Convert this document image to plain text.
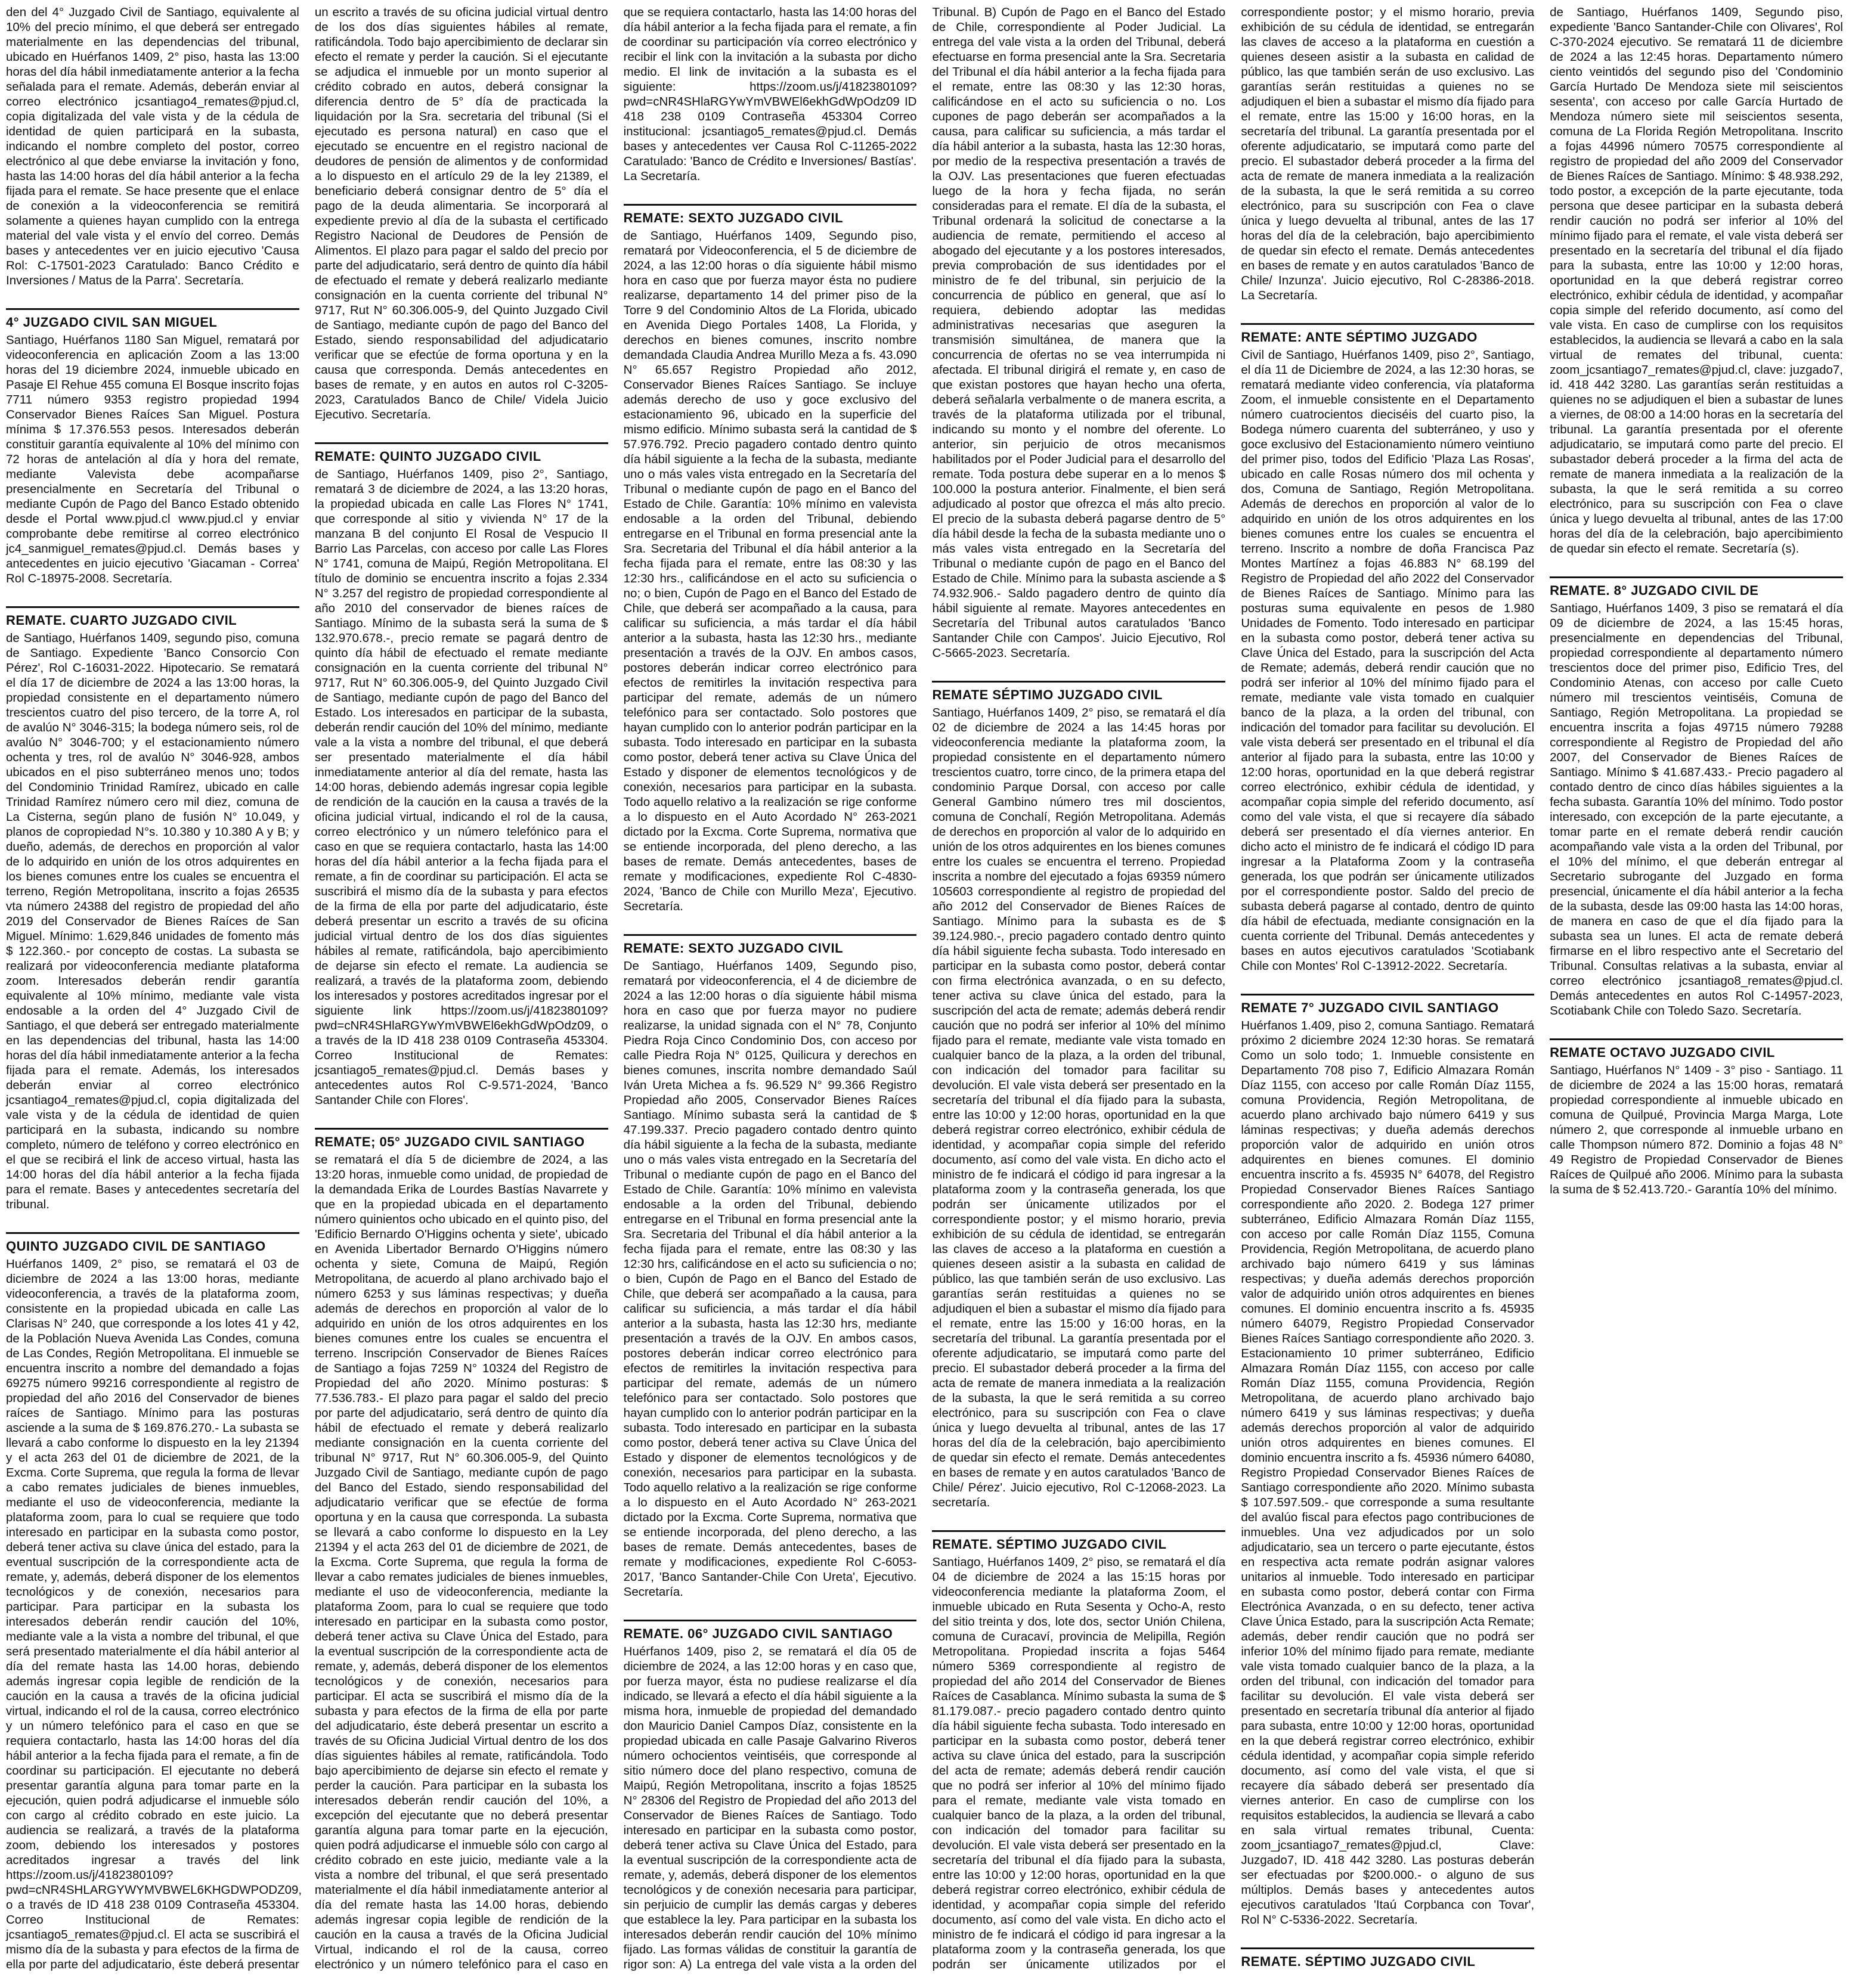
den del 4° Juzgado Civil de Santiago, equivalente al 10% del precio mínimo, el que deberá ser entregado materialmente en las dependencias del tribunal, ubicado en Huérfanos 1409, 2° piso, hasta las 13:00 horas del día hábil inmediatamente anterior a la fecha señalada para el remate. Además, deberán enviar al correo electrónico jcsantiago4_remates@pjud.cl, copia digitalizada del vale vista y de la cédula de identidad de quien participará en la subasta, indicando el nombre completo del postor, correo electrónico al que debe enviarse la invitación y fono, hasta las 14:00 horas del día hábil anterior a la fecha fijada para el remate. Se hace presente que el enlace de conexión a la videoconferencia se remitirá solamente a quienes hayan cumplido con la entrega material del vale vista y el envío del correo. Demás bases y antecedentes ver en juicio ejecutivo 'Causa Rol: C-17501-2023 Caratulado: Banco Crédito e Inversiones / Matus de la Parra'. Secretaría.

4° JUZGADO CIVIL SAN MIGUEL

Santiago, Huérfanos 1180 San Miguel, rematará por videoconferencia en aplicación Zoom a las 13:00 horas del 19 diciembre 2024, inmueble ubicado en Pasaje El Rehue 455 comuna El Bosque inscrito fojas 7711 número 9353 registro propiedad 1994 Conservador Bienes Raíces San Miguel. Postura mínima $ 17.376.553 pesos. Interesados deberán constituir garantía equivalente al 10% del mínimo con 72 horas de antelación al día y hora del remate, mediante Valevista debe acompañarse presencialmente en Secretaría del Tribunal o mediante Cupón de Pago del Banco Estado obtenido desde el Portal www.pjud.cl www.pjud.cl y enviar comprobante debe remitirse al correo electrónico jc4_sanmiguel_remates@pjud.cl. Demás bases y antecedentes en juicio ejecutivo 'Giacaman - Correa' Rol C-18975-2008. Secretaría.

REMATE. CUARTO JUZGADO CIVIL

de Santiago, Huérfanos 1409, segundo piso, comuna de Santiago. Expediente 'Banco Consorcio Con Pérez', Rol C-16031-2022. Hipotecario. Se rematará el día 17 de diciembre de 2024 a las 13:00 horas, la propiedad consistente en el departamento número trescientos cuatro del piso tercero, de la torre A, rol de avalúo N° 3046-315; la bodega número seis, rol de avalúo N° 3046-700; y el estacionamiento número ochenta y tres, rol de avalúo N° 3046-928, ambos ubicados en el piso subterráneo menos uno; todos del Condominio Trinidad Ramírez, ubicado en calle Trinidad Ramírez número cero mil diez, comuna de La Cisterna, según plano de fusión N° 10.049, y planos de copropiedad N°s. 10.380 y 10.380 A y B; y dueño, además, de derechos en proporción al valor de lo adquirido en unión de los otros adquirentes en los bienes comunes entre los cuales se encuentra el terreno, Región Metropolitana, inscrito a fojas 26535 vta número 24388 del registro de propiedad del año 2019 del Conservador de Bienes Raíces de San Miguel. Mínimo: 1.629,846 unidades de fomento más $ 122.360.- por concepto de costas. La subasta se realizará por videoconferencia mediante plataforma zoom. Interesados deberán rendir garantía equivalente al 10% mínimo, mediante vale vista endosable a la orden del 4° Juzgado Civil de Santiago, el que deberá ser entregado materialmente en las dependencias del tribunal, hasta las 14:00 horas del día hábil inmediatamente anterior a la fecha fijada para el remate. Además, los interesados deberán enviar al correo electrónico jcsantiago4_remates@pjud.cl, copia digitalizada del vale vista y de la cédula de identidad de quien participará en la subasta, indicando su nombre completo, número de teléfono y correo electrónico en el que se recibirá el link de acceso virtual, hasta las 14:00 horas del día hábil anterior a la fecha fijada para el remate. Bases y antecedentes secretaría del tribunal.

QUINTO JUZGADO CIVIL DE SANTIAGO

Huérfanos 1409, 2° piso, se rematará el 03 de diciembre de 2024 a las 13:00 horas, mediante videoconferencia, a través de la plataforma zoom, consistente en la propiedad ubicada en calle Las Clarisas N° 240, que corresponde a los lotes 41 y 42, de la Población Nueva Avenida Las Condes, comuna de Las Condes, Región Metropolitana. El inmueble se encuentra inscrito a nombre del demandado a fojas 69275 número 99216 correspondiente al registro de propiedad del año 2016 del Conservador de bienes raíces de Santiago. Mínimo para las posturas asciende a la suma de $ 169.876.270.- La subasta se llevará a cabo conforme lo dispuesto en la ley 21394 y el acta 263 del 01 de diciembre de 2021, de la Excma. Corte Suprema, que regula la forma de llevar a cabo remates judiciales de bienes inmuebles, mediante el uso de videoconferencia, mediante la plataforma zoom, para lo cual se requiere que todo interesado en participar en la subasta como postor, deberá tener activa su clave única del estado, para la eventual suscripción de la correspondiente acta de remate, y, además, deberá disponer de los elementos tecnológicos y de conexión, necesarios para participar. Para participar en la subasta los interesados deberán rendir caución del 10%, mediante vale a la vista a nombre del tribunal, el que será presentado materialmente el día hábil anterior al día del remate hasta las 14.00 horas, debiendo además ingresar copia legible de rendición de la caución en la causa a través de la oficina judicial virtual, indicando el rol de la causa, correo electrónico y un número telefónico para el caso en que se requiera contactarlo, hasta las 14:00 horas del día hábil anterior a la fecha fijada para el remate, a fin de coordinar su participación. El ejecutante no deberá presentar garantía alguna para tomar parte en la ejecución, quien podrá adjudicarse el inmueble sólo con cargo al crédito cobrado en este juicio. La audiencia se realizará, a través de la plataforma zoom, debiendo los interesados y postores acreditados ingresar a través del link https://zoom.us/j/4182380109?pwd=cNR4SHLARGYWYMVBWEL6KHGDWPODZ09, o a través de ID 418 238 0109 Contraseña 453304. Correo Institucional de Remates: jcsantiago5_remates@pjud.cl. El acta se suscribirá el mismo día de la subasta y para efectos de la firma de ella por parte del adjudicatario, éste deberá presentar un escrito a través de su oficina judicial virtual dentro de los dos días siguientes hábiles al remate, ratificándola. Todo bajo apercibimiento de declarar sin efecto el remate y perder la caución. Si el ejecutante se adjudica el inmueble por un monto superior al crédito cobrado en autos, deberá consignar la diferencia dentro de 5° día de practicada la liquidación por la Sra. secretaria del tribunal (Si el ejecutado es persona natural) en caso que el ejecutado se encuentre en el registro nacional de deudores de pensión de alimentos y de conformidad a lo dispuesto en el artículo 29 de la ley 21389, el beneficiario deberá consignar dentro de 5° día el pago de la deuda alimentaria. Se incorporará al expediente previo al día de la subasta el certificado Registro Nacional de Deudores de Pensión de Alimentos. El plazo para pagar el saldo del precio por parte del adjudicatario, será dentro de quinto día hábil de efectuado el remate y deberá realizarlo mediante consignación en la cuenta corriente del tribunal N° 9717, Rut N° 60.306.005-9, del Quinto Juzgado Civil de Santiago, mediante cupón de pago del Banco del Estado, siendo responsabilidad del adjudicatario verificar que se efectúe de forma oportuna y en la causa que corresponda. Demás antecedentes en bases de remate, y en autos en autos rol C-3205-2023, Caratulados Banco de Chile/ Videla Juicio Ejecutivo. Secretaría.

REMATE: QUINTO JUZGADO CIVIL

de Santiago, Huérfanos 1409, piso 2°, Santiago, rematará 3 de diciembre de 2024, a las 13:20 horas, la propiedad ubicada en calle Las Flores N° 1741, que corresponde al sitio y vivienda N° 17 de la manzana B del conjunto El Rosal de Vespucio II Barrio Las Parcelas, con acceso por calle Las Flores N° 1741, comuna de Maipú, Región Metropolitana. El título de dominio se encuentra inscrito a fojas 2.334 N° 3.257 del registro de propiedad correspondiente al año 2010 del conservador de bienes raíces de Santiago. Mínimo de la subasta será la suma de $ 132.970.678.-, precio remate se pagará dentro de quinto día hábil de efectuado el remate mediante consignación en la cuenta corriente del tribunal N° 9717, Rut N° 60.306.005-9, del Quinto Juzgado Civil de Santiago, mediante cupón de pago del Banco del Estado. Los interesados en participar de la subasta, deberán rendir caución del 10% del mínimo, mediante vale a la vista a nombre del tribunal, el que deberá ser presentado materialmente el día hábil inmediatamente anterior al día del remate, hasta las 14:00 horas, debiendo además ingresar copia legible de rendición de la caución en la causa a través de la oficina judicial virtual, indicando el rol de la causa, correo electrónico y un número telefónico para el caso en que se requiera contactarlo, hasta las 14:00 horas del día hábil anterior a la fecha fijada para el remate, a fin de coordinar su participación. El acta se suscribirá el mismo día de la subasta y para efectos de la firma de ella por parte del adjudicatario, éste deberá presentar un escrito a través de su oficina judicial virtual dentro de los dos días siguientes hábiles al remate, ratificándola, bajo apercibimiento de dejarse sin efecto el remate. La audiencia se realizará, a través de la plataforma zoom, debiendo los interesados y postores acreditados ingresar por el siguiente link https://zoom.us/j/4182380109?pwd=cNR4SHlaRGYwYmVBWEl6ekhGdWpOdz09, o a través de la ID 418 238 0109 Contraseña 453304. Correo Institucional de Remates: jcsantiago5_remates@pjud.cl. Demás bases y antecedentes autos Rol C-9.571-2024, 'Banco Santander Chile con Flores'.

REMATE; 05° JUZGADO CIVIL SANTIAGO

se rematará el día 5 de diciembre de 2024, a las 13:20 horas, inmueble como unidad, de propiedad de la demandada Erika de Lourdes Bastías Navarrete y que en la propiedad ubicada en el departamento número quinientos ocho ubicado en el quinto piso, del 'Edificio Bernardo O'Higgins ochenta y siete', ubicado en Avenida Libertador Bernardo O'Higgins número ochenta y siete, Comuna de Maipú, Región Metropolitana, de acuerdo al plano archivado bajo el número 6253 y sus láminas respectivas; y dueña además de derechos en proporción al valor de lo adquirido en unión de los otros adquirentes en los bienes comunes entre los cuales se encuentra el terreno. Inscripción Conservador de Bienes Raíces de Santiago a fojas 7259 N° 10324 del Registro de Propiedad del año 2020. Mínimo posturas: $ 77.536.783.- El plazo para pagar el saldo del precio por parte del adjudicatario, será dentro de quinto día hábil de efectuado el remate y deberá realizarlo mediante consignación en la cuenta corriente del tribunal N° 9717, Rut N° 60.306.005-9, del Quinto Juzgado Civil de Santiago, mediante cupón de pago del Banco del Estado, siendo responsabilidad del adjudicatario verificar que se efectúe de forma oportuna y en la causa que corresponda. La subasta se llevará a cabo conforme lo dispuesto en la Ley 21394 y el acta 263 del 01 de diciembre de 2021, de la Excma. Corte Suprema, que regula la forma de llevar a cabo remates judiciales de bienes inmuebles, mediante el uso de videoconferencia, mediante la plataforma Zoom, para lo cual se requiere que todo interesado en participar en la subasta como postor, deberá tener activa su Clave Única del Estado, para la eventual suscripción de la correspondiente acta de remate, y, además, deberá disponer de los elementos tecnológicos y de conexión, necesarios para participar. El acta se suscribirá el mismo día de la subasta y para efectos de la firma de ella por parte del adjudicatario, éste deberá presentar un escrito a través de su Oficina Judicial Virtual dentro de los dos días siguientes hábiles al remate, ratificándola. Todo bajo apercibimiento de dejarse sin efecto el remate y perder la caución. Para participar en la subasta los interesados deberán rendir caución del 10%, a excepción del ejecutante que no deberá presentar garantía alguna para tomar parte en la ejecución, quien podrá adjudicarse el inmueble sólo con cargo al crédito cobrado en este juicio, mediante vale a la vista a nombre del tribunal, el que será presentado materialmente el día hábil inmediatamente anterior al día del remate hasta las 14.00 horas, debiendo además ingresar copia legible de rendición de la caución en la causa a través de la Oficina Judicial Virtual, indicando el rol de la causa, correo electrónico y un número telefónico para el caso en que se requiera contactarlo, hasta las 14:00 horas del día hábil anterior a la fecha fijada para el remate, a fin de coordinar su participación vía correo electrónico y recibir el link con la invitación a la subasta por dicho medio. El link de invitación a la subasta es el siguiente: https://zoom.us/j/4182380109?pwd=cNR4SHlaRGYwYmVBWEl6ekhGdWpOdz09 ID 418 238 0109 Contraseña 453304 Correo institucional: jcsantiago5_remates@pjud.cl. Demás bases y antecedentes ver Causa Rol C-11265-2022 Caratulado: 'Banco de Crédito e Inversiones/ Bastías'. La Secretaría.

REMATE: SEXTO JUZGADO CIVIL

de Santiago, Huérfanos 1409, Segundo piso, rematará por Videoconferencia, el 5 de diciembre de 2024, a las 12:00 horas o día siguiente hábil mismo hora en caso que por fuerza mayor ésta no pudiere realizarse, departamento 14 del primer piso de la Torre 9 del Condominio Altos de La Florida, ubicado en Avenida Diego Portales 1408, La Florida, y derechos en bienes comunes, inscrito nombre demandada Claudia Andrea Murillo Meza a fs. 43.090 N° 65.657 Registro Propiedad año 2012, Conservador Bienes Raíces Santiago. Se incluye además derecho de uso y goce exclusivo del estacionamiento 96, ubicado en la superficie del mismo edificio. Mínimo subasta será la cantidad de $ 57.976.792. Precio pagadero contado dentro quinto día hábil siguiente a la fecha de la subasta, mediante uno o más vales vista entregado en la Secretaría del Tribunal o mediante cupón de pago en el Banco del Estado de Chile. Garantía: 10% mínimo en valevista endosable a la orden del Tribunal, debiendo entregarse en el Tribunal en forma presencial ante la Sra. Secretaria del Tribunal el día hábil anterior a la fecha fijada para el remate, entre las 08:30 y las 12:30 hrs., calificándose en el acto su suficiencia o no; o bien, Cupón de Pago en el Banco del Estado de Chile, que deberá ser acompañado a la causa, para calificar su suficiencia, a más tardar el día hábil anterior a la subasta, hasta las 12:30 hrs., mediante presentación a través de la OJV. En ambos casos, postores deberán indicar correo electrónico para efectos de remitirles la invitación respectiva para participar del remate, además de un número telefónico para ser contactado. Solo postores que hayan cumplido con lo anterior podrán participar en la subasta. Todo interesado en participar en la subasta como postor, deberá tener activa su Clave Única del Estado y disponer de elementos tecnológicos y de conexión, necesarios para participar en la subasta. Todo aquello relativo a la realización se rige conforme a lo dispuesto en el Auto Acordado N° 263-2021 dictado por la Excma. Corte Suprema, normativa que se entiende incorporada, del pleno derecho, a las bases de remate. Demás antecedentes, bases de remate y modificaciones, expediente Rol C-4830-2024, 'Banco de Chile con Murillo Meza', Ejecutivo. Secretaría.

REMATE: SEXTO JUZGADO CIVIL

De Santiago, Huérfanos 1409, Segundo piso, rematará por videoconferencia, el 4 de diciembre de 2024 a las 12:00 horas o día siguiente hábil misma hora en caso que por fuerza mayor no pudiere realizarse, la unidad signada con el N° 78, Conjunto Piedra Roja Cinco Condominio Dos, con acceso por calle Piedra Roja N° 0125, Quilicura y derechos en bienes comunes, inscrita nombre demandado Saúl Iván Ureta Michea a fs. 96.529 N° 99.366 Registro Propiedad año 2005, Conservador Bienes Raíces Santiago. Mínimo subasta será la cantidad de $ 47.199.337. Precio pagadero contado dentro quinto día hábil siguiente a la fecha de la subasta, mediante uno o más vales vista entregado en la Secretaría del Tribunal o mediante cupón de pago en el Banco del Estado de Chile. Garantía: 10% mínimo en valevista endosable a la orden del Tribunal, debiendo entregarse en el Tribunal en forma presencial ante la Sra. Secretaria del Tribunal el día hábil anterior a la fecha fijada para el remate, entre las 08:30 y las 12:30 hrs, calificándose en el acto su suficiencia o no; o bien, Cupón de Pago en el Banco del Estado de Chile, que deberá ser acompañado a la causa, para calificar su suficiencia, a más tardar el día hábil anterior a la subasta, hasta las 12:30 hrs, mediante presentación a través de la OJV. En ambos casos, postores deberán indicar correo electrónico para efectos de remitirles la invitación respectiva para participar del remate, además de un número telefónico para ser contactado. Solo postores que hayan cumplido con lo anterior podrán participar en la subasta. Todo interesado en participar en la subasta como postor, deberá tener activa su Clave Única del Estado y disponer de elementos tecnológicos y de conexión, necesarios para participar en la subasta. Todo aquello relativo a la realización se rige conforme a lo dispuesto en el Auto Acordado N° 263-2021 dictado por la Excma. Corte Suprema, normativa que se entiende incorporada, del pleno derecho, a las bases de remate. Demás antecedentes, bases de remate y modificaciones, expediente Rol C-6053-2017, 'Banco Santander-Chile Con Ureta', Ejecutivo. Secretaría.

REMATE. 06° JUZGADO CIVIL SANTIAGO

Huérfanos 1409, piso 2, se rematará el día 05 de diciembre de 2024, a las 12:00 horas y en caso que, por fuerza mayor, ésta no pudiese realizarse el día indicado, se llevará a efecto el día hábil siguiente a la misma hora, inmueble de propiedad del demandado don Mauricio Daniel Campos Díaz, consistente en la propiedad ubicada en calle Pasaje Galvarino Riveros número ochocientos veintiséis, que corresponde al sitio número doce del plano respectivo, comuna de Maipú, Región Metropolitana, inscrito a fojas 18525 N° 28306 del Registro de Propiedad del año 2013 del Conservador de Bienes Raíces de Santiago. Todo interesado en participar en la subasta como postor, deberá tener activa su Clave Única del Estado, para la eventual suscripción de la correspondiente acta de remate, y, además, deberá disponer de los elementos tecnológicos y de conexión necesaria para participar, sin perjuicio de cumplir las demás cargas y deberes que establece la ley. Para participar en la subasta los interesados deberán rendir caución del 10% mínimo fijado. Las formas válidas de constituir la garantía de rigor son: A) La entrega del vale vista a la orden del Tribunal. B) Cupón de Pago en el Banco del Estado de Chile, correspondiente al Poder Judicial. La entrega del vale vista a la orden del Tribunal, deberá efectuarse en forma presencial ante la Sra. Secretaria del Tribunal el día hábil anterior a la fecha fijada para el remate, entre las 08:30 y las 12:30 horas, calificándose en el acto su suficiencia o no. Los cupones de pago deberán ser acompañados a la causa, para calificar su suficiencia, a más tardar el día hábil anterior a la subasta, hasta las 12:30 horas, por medio de la respectiva presentación a través de la OJV. Las presentaciones que fueren efectuadas luego de la hora y fecha fijada, no serán consideradas para el remate. El día de la subasta, el Tribunal ordenará la solicitud de conectarse a la audiencia de remate, permitiendo el acceso al abogado del ejecutante y a los postores interesados, previa comprobación de sus identidades por el ministro de fe del tribunal, sin perjuicio de la concurrencia de público en general, que así lo requiera, debiendo adoptar las medidas administrativas necesarias que aseguren la transmisión simultánea, de manera que la concurrencia de ofertas no se vea interrumpida ni afectada. El tribunal dirigirá el remate y, en caso de que existan postores que hayan hecho una oferta, deberá señalarla verbalmente o de manera escrita, a través de la plataforma utilizada por el tribunal, indicando su monto y el nombre del oferente. Lo anterior, sin perjuicio de otros mecanismos habilitados por el Poder Judicial para el desarrollo del remate. Toda postura debe superar en a lo menos $ 100.000 la postura anterior. Finalmente, el bien será adjudicado al postor que ofrezca el más alto precio. El precio de la subasta deberá pagarse dentro de 5° día hábil desde la fecha de la subasta mediante uno o más vales vista entregado en la Secretaría del Tribunal o mediante cupón de pago en el Banco del Estado de Chile. Mínimo para la subasta asciende a $ 74.932.906.- Saldo pagadero dentro de quinto día hábil siguiente al remate. Mayores antecedentes en Secretaría del Tribunal autos caratulados 'Banco Santander Chile con Campos'. Juicio Ejecutivo, Rol C-5665-2023. Secretaría.

REMATE SÉPTIMO JUZGADO CIVIL

Santiago, Huérfanos 1409, 2° piso, se rematará el día 02 de diciembre de 2024 a las 14:45 horas por videoconferencia mediante la plataforma zoom, la propiedad consistente en el departamento número trescientos cuatro, torre cinco, de la primera etapa del condominio Parque Dorsal, con acceso por calle General Gambino número tres mil doscientos, comuna de Conchalí, Región Metropolitana. Además de derechos en proporción al valor de lo adquirido en unión de los otros adquirentes en los bienes comunes entre los cuales se encuentra el terreno. Propiedad inscrita a nombre del ejecutado a fojas 69359 número 105603 correspondiente al registro de propiedad del año 2012 del Conservador de Bienes Raíces de Santiago. Mínimo para la subasta es de $ 39.124.980.-, precio pagadero contado dentro quinto día hábil siguiente fecha subasta. Todo interesado en participar en la subasta como postor, deberá contar con firma electrónica avanzada, o en su defecto, tener activa su clave única del estado, para la suscripción del acta de remate; además deberá rendir caución que no podrá ser inferior al 10% del mínimo fijado para el remate, mediante vale vista tomado en cualquier banco de la plaza, a la orden del tribunal, con indicación del tomador para facilitar su devolución. El vale vista deberá ser presentado en la secretaría del tribunal el día fijado para la subasta, entre las 10:00 y 12:00 horas, oportunidad en la que deberá registrar correo electrónico, exhibir cédula de identidad, y acompañar copia simple del referido documento, así como del vale vista. En dicho acto el ministro de fe indicará el código id para ingresar a la plataforma zoom y la contraseña generada, los que podrán ser únicamente utilizados por el correspondiente postor; y el mismo horario, previa exhibición de su cédula de identidad, se entregarán las claves de acceso a la plataforma en cuestión a quienes deseen asistir a la subasta en calidad de público, las que también serán de uso exclusivo. Las garantías serán restituidas a quienes no se adjudiquen el bien a subastar el mismo día fijado para el remate, entre las 15:00 y 16:00 horas, en la secretaría del tribunal. La garantía presentada por el oferente adjudicatario, se imputará como parte del precio. El subastador deberá proceder a la firma del acta de remate de manera inmediata a la realización de la subasta, la que le será remitida a su correo electrónico, para su suscripción con Fea o clave única y luego devuelta al tribunal, antes de las 17 horas del día de la celebración, bajo apercibimiento de quedar sin efecto el remate. Demás antecedentes en bases de remate y en autos caratulados 'Banco de Chile/ Pérez'. Juicio ejecutivo, Rol C-12068-2023. La secretaría.

REMATE. SÉPTIMO JUZGADO CIVIL

Santiago, Huérfanos 1409, 2° piso, se rematará el día 04 de diciembre de 2024 a las 15:15 horas por videoconferencia mediante la plataforma Zoom, el inmueble ubicado en Ruta Sesenta y Ocho-A, resto del sitio treinta y dos, lote dos, sector Unión Chilena, comuna de Curacaví, provincia de Melipilla, Región Metropolitana. Propiedad inscrita a fojas 5464 número 5369 correspondiente al registro de propiedad del año 2014 del Conservador de Bienes Raíces de Casablanca. Mínimo subasta la suma de $ 81.179.087.- precio pagadero contado dentro quinto día hábil siguiente fecha subasta. Todo interesado en participar en la subasta como postor, deberá tener activa su clave única del estado, para la suscripción del acta de remate; además deberá rendir caución que no podrá ser inferior al 10% del mínimo fijado para el remate, mediante vale vista tomado en cualquier banco de la plaza, a la orden del tribunal, con indicación del tomador para facilitar su devolución. El vale vista deberá ser presentado en la secretaría del tribunal el día fijado para la subasta, entre las 10:00 y 12:00 horas, oportunidad en la que deberá registrar correo electrónico, exhibir cédula de identidad, y acompañar copia simple del referido documento, así como del vale vista. En dicho acto el ministro de fe indicará el código id para ingresar a la plataforma zoom y la contraseña generada, los que podrán ser únicamente utilizados por el correspondiente postor; y el mismo horario, previa exhibición de su cédula de identidad, se entregarán las claves de acceso a la plataforma en cuestión a quienes deseen asistir a la subasta en calidad de público, las que también serán de uso exclusivo. Las garantías serán restituidas a quienes no se adjudiquen el bien a subastar el mismo día fijado para el remate, entre las 15:00 y 16:00 horas, en la secretaría del tribunal. La garantía presentada por el oferente adjudicatario, se imputará como parte del precio. El subastador deberá proceder a la firma del acta de remate de manera inmediata a la realización de la subasta, la que le será remitida a su correo electrónico, para su suscripción con Fea o clave única y luego devuelta al tribunal, antes de las 17 horas del día de la celebración, bajo apercibimiento de quedar sin efecto el remate. Demás antecedentes en bases de remate y en autos caratulados 'Banco de Chile/ Inzunza'. Juicio ejecutivo, Rol C-28386-2018. La Secretaría.

REMATE: ANTE SÉPTIMO JUZGADO

Civil de Santiago, Huérfanos 1409, piso 2°, Santiago, el día 11 de Diciembre de 2024, a las 12:30 horas, se rematará mediante video conferencia, vía plataforma Zoom, el inmueble consistente en el Departamento número cuatrocientos dieciséis del cuarto piso, la Bodega número cuarenta del subterráneo, y uso y goce exclusivo del Estacionamiento número veintiuno del primer piso, todos del Edificio 'Plaza Las Rosas', ubicado en calle Rosas número dos mil ochenta y dos, Comuna de Santiago, Región Metropolitana. Además de derechos en proporción al valor de lo adquirido en unión de los otros adquirentes en los bienes comunes entre los cuales se encuentra el terreno. Inscrito a nombre de doña Francisca Paz Montes Martínez a fojas 46.883 N° 68.199 del Registro de Propiedad del año 2022 del Conservador de Bienes Raíces de Santiago. Mínimo para las posturas suma equivalente en pesos de 1.980 Unidades de Fomento. Todo interesado en participar en la subasta como postor, deberá tener activa su Clave Única del Estado, para la suscripción del Acta de Remate; además, deberá rendir caución que no podrá ser inferior al 10% del mínimo fijado para el remate, mediante vale vista tomado en cualquier banco de la plaza, a la orden del tribunal, con indicación del tomador para facilitar su devolución. El vale vista deberá ser presentado en el tribunal el día anterior al fijado para la subasta, entre las 10:00 y 12:00 horas, oportunidad en la que deberá registrar correo electrónico, exhibir cédula de identidad, y acompañar copia simple del referido documento, así como del vale vista, el que si recayere día sábado deberá ser presentado el día viernes anterior. En dicho acto el ministro de fe indicará el código ID para ingresar a la Plataforma Zoom y la contraseña generada, los que podrán ser únicamente utilizados por el correspondiente postor. Saldo del precio de subasta deberá pagarse al contado, dentro de quinto día hábil de efectuada, mediante consignación en la cuenta corriente del Tribunal. Demás antecedentes y bases en autos ejecutivos caratulados 'Scotiabank Chile con Montes' Rol C-13912-2022. Secretaría.

REMATE 7° JUZGADO CIVIL SANTIAGO

Huérfanos 1.409, piso 2, comuna Santiago. Rematará próximo 2 diciembre 2024 12:30 horas. Se rematará Como un solo todo; 1. Inmueble consistente en Departamento 708 piso 7, Edificio Almazara Román Díaz 1155, con acceso por calle Román Díaz 1155, comuna Providencia, Región Metropolitana, de acuerdo plano archivado bajo número 6419 y sus láminas respectivas; y dueña además derechos proporción valor de adquirido en unión otros adquirentes en bienes comunes. El dominio encuentra inscrito a fs. 45935 N° 64078, del Registro Propiedad Conservador Bienes Raíces Santiago correspondiente año 2020. 2. Bodega 127 primer subterráneo, Edificio Almazara Román Díaz 1155, con acceso por calle Román Díaz 1155, Comuna Providencia, Región Metropolitana, de acuerdo plano archivado bajo número 6419 y sus láminas respectivas; y dueña además derechos proporción valor de adquirido unión otros adquirentes en bienes comunes. El dominio encuentra inscrito a fs. 45935 número 64079, Registro Propiedad Conservador Bienes Raíces Santiago correspondiente año 2020. 3. Estacionamiento 10 primer subterráneo, Edificio Almazara Román Díaz 1155, con acceso por calle Román Díaz 1155, comuna Providencia, Región Metropolitana, de acuerdo plano archivado bajo número 6419 y sus láminas respectivas; y dueña además derechos proporción al valor de adquirido unión otros adquirentes en bienes comunes. El dominio encuentra inscrito a fs. 45936 número 64080, Registro Propiedad Conservador Bienes Raíces de Santiago correspondiente año 2020. Mínimo subasta $ 107.597.509.- que corresponde a suma resultante del avalúo fiscal para efectos pago contribuciones de inmuebles. Una vez adjudicados por un solo adjudicatario, sea un tercero o parte ejecutante, éstos en respectiva acta remate podrán asignar valores unitarios al inmueble. Todo interesado en participar en subasta como postor, deberá contar con Firma Electrónica Avanzada, o en su defecto, tener activa Clave Única Estado, para la suscripción Acta Remate; además, deber rendir caución que no podrá ser inferior 10% del mínimo fijado para remate, mediante vale vista tomado cualquier banco de la plaza, a la orden del tribunal, con indicación del tomador para facilitar su devolución. El vale vista deberá ser presentado en secretaría tribunal día anterior al fijado para subasta, entre 10:00 y 12:00 horas, oportunidad en la que deberá registrar correo electrónico, exhibir cédula identidad, y acompañar copia simple referido documento, así como del vale vista, el que si recayere día sábado deberá ser presentado día viernes anterior. En caso de cumplirse con los requisitos establecidos, la audiencia se llevará a cabo en sala virtual remates tribunal, Cuenta: zoom_jcsantiago7_remates@pjud.cl, Clave: Juzgado7, ID. 418 442 3280. Las posturas deberán ser efectuadas por $200.000.- o alguno de sus múltiplos. Demás bases y antecedentes autos ejecutivos caratulados 'Itaú Corpbanca con Tovar', Rol N° C-5336-2022. Secretaría.

REMATE. SÉPTIMO JUZGADO CIVIL

de Santiago, Huérfanos 1409, Segundo piso, expediente 'Banco Santander-Chile con Olivares', Rol C-370-2024 ejecutivo. Se rematará 11 de diciembre de 2024 a las 12:45 horas. Departamento número ciento veintidós del segundo piso del 'Condominio García Hurtado De Mendoza siete mil seiscientos sesenta', con acceso por calle García Hurtado de Mendoza número siete mil seiscientos sesenta, comuna de La Florida Región Metropolitana. Inscrito a fojas 44996 número 70575 correspondiente al registro de propiedad del año 2009 del Conservador de Bienes Raíces de Santiago. Mínimo: $ 48.938.292, todo postor, a excepción de la parte ejecutante, toda persona que desee participar en la subasta deberá rendir caución no podrá ser inferior al 10% del mínimo fijado para el remate, el vale vista deberá ser presentado en la secretaría del tribunal el día fijado para la subasta, entre las 10:00 y 12:00 horas, oportunidad en la que deberá registrar correo electrónico, exhibir cédula de identidad, y acompañar copia simple del referido documento, así como del vale vista. En caso de cumplirse con los requisitos establecidos, la audiencia se llevará a cabo en la sala virtual de remates del tribunal, cuenta: zoom_jcsantiago7_remates@pjud.cl, clave: juzgado7, id. 418 442 3280. Las garantías serán restituidas a quienes no se adjudiquen el bien a subastar de lunes a viernes, de 08:00 a 14:00 horas en la secretaría del tribunal. La garantía presentada por el oferente adjudicatario, se imputará como parte del precio. El subastador deberá proceder a la firma del acta de remate de manera inmediata a la realización de la subasta, la que le será remitida a su correo electrónico, para su suscripción con Fea o clave única y luego devuelta al tribunal, antes de las 17:00 horas del día de la celebración, bajo apercibimiento de quedar sin efecto el remate. Secretaría (s).

REMATE. 8° JUZGADO CIVIL DE

Santiago, Huérfanos 1409, 3 piso se rematará el día 09 de diciembre de 2024, a las 15:45 horas, presencialmente en dependencias del Tribunal, propiedad correspondiente al departamento número trescientos doce del primer piso, Edificio Tres, del Condominio Atenas, con acceso por calle Cueto número mil trescientos veintiséis, Comuna de Santiago, Región Metropolitana. La propiedad se encuentra inscrita a fojas 49715 número 79288 correspondiente al Registro de Propiedad del año 2007, del Conservador de Bienes Raíces de Santiago. Mínimo $ 41.687.433.- Precio pagadero al contado dentro de cinco días hábiles siguientes a la fecha subasta. Garantía 10% del mínimo. Todo postor interesado, con excepción de la parte ejecutante, a tomar parte en el remate deberá rendir caución acompañando vale vista a la orden del Tribunal, por el 10% del mínimo, el que deberán entregar al Secretario subrogante del Juzgado en forma presencial, únicamente el día hábil anterior a la fecha de la subasta, desde las 09:00 hasta las 14:00 horas, de manera en caso de que el día fijado para la subasta sea un lunes. El acta de remate deberá firmarse en el libro respectivo ante el Secretario del Tribunal. Consultas relativas a la subasta, enviar al correo electrónico jcsantiago8_remates@pjud.cl. Demás antecedentes en autos Rol C-14957-2023, Scotiabank Chile con Toledo Sazo. Secretaría.

REMATE OCTAVO JUZGADO CIVIL

Santiago, Huérfanos N° 1409 - 3° piso - Santiago. 11 de diciembre de 2024 a las 15:00 horas, rematará propiedad correspondiente al inmueble ubicado en comuna de Quilpué, Provincia Marga Marga, Lote número 2, que corresponde al inmueble urbano en calle Thompson número 872. Dominio a fojas 48 N° 49 Registro de Propiedad Conservador de Bienes Raíces de Quilpué año 2006. Mínimo para la subasta la suma de $ 52.413.720.- Garantía 10% del mínimo.
